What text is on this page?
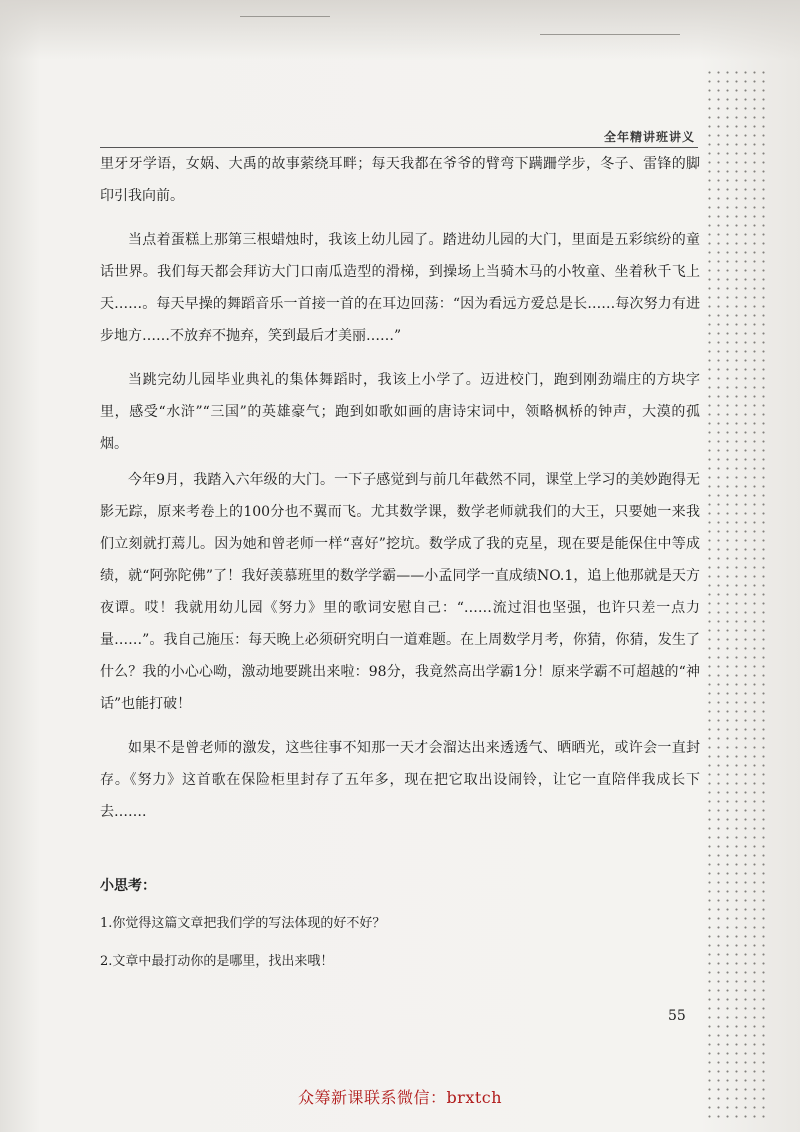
全年精讲班讲义

里牙牙学语，女娲、大禹的故事萦绕耳畔；每天我都在爷爷的臂弯下蹒跚学步，冬子、雷锋的脚印引我向前。

当点着蛋糕上那第三根蜡烛时，我该上幼儿园了。踏进幼儿园的大门，里面是五彩缤纷的童话世界。我们每天都会拜访大门口南瓜造型的滑梯，到操场上当骑木马的小牧童、坐着秋千飞上天……。每天早操的舞蹈音乐一首接一首的在耳边回荡：“因为看远方爱总是长……每次努力有进步地方……不放弃不抛弃，笑到最后才美丽……”

当跳完幼儿园毕业典礼的集体舞蹈时，我该上小学了。迈进校门，跑到刚劲端庄的方块字里，感受“水浒”“三国”的英雄豪气；跑到如歌如画的唐诗宋词中，领略枫桥的钟声，大漠的孤烟。

今年9月，我踏入六年级的大门。一下子感觉到与前几年截然不同，课堂上学习的美妙跑得无影无踪，原来考卷上的100分也不翼而飞。尤其数学课，数学老师就我们的大王，只要她一来我们立刻就打蔫儿。因为她和曾老师一样“喜好”挖坑。数学成了我的克星，现在要是能保住中等成绩，就“阿弥陀佛”了！我好羡慕班里的数学学霸——小孟同学一直成绩NO.1，追上他那就是天方夜谭。哎！我就用幼儿园《努力》里的歌词安慰自己：“……流过泪也坚强，也许只差一点力量……”。我自己施压：每天晚上必须研究明白一道难题。在上周数学月考，你猜，你猜，发生了什么？我的小心心呦，激动地要跳出来啦：98分，我竟然高出学霸1分！原来学霸不可超越的“神话”也能打破！

如果不是曾老师的激发，这些往事不知那一天才会溜达出来透透气、晒晒光，或许会一直封存。《努力》这首歌在保险柜里封存了五年多，现在把它取出设闹铃，让它一直陪伴我成长下去…….

小思考：

1.你觉得这篇文章把我们学的写法体现的好不好？

2.文章中最打动你的是哪里，找出来哦！

55
众筹新课联系微信：brxtch
